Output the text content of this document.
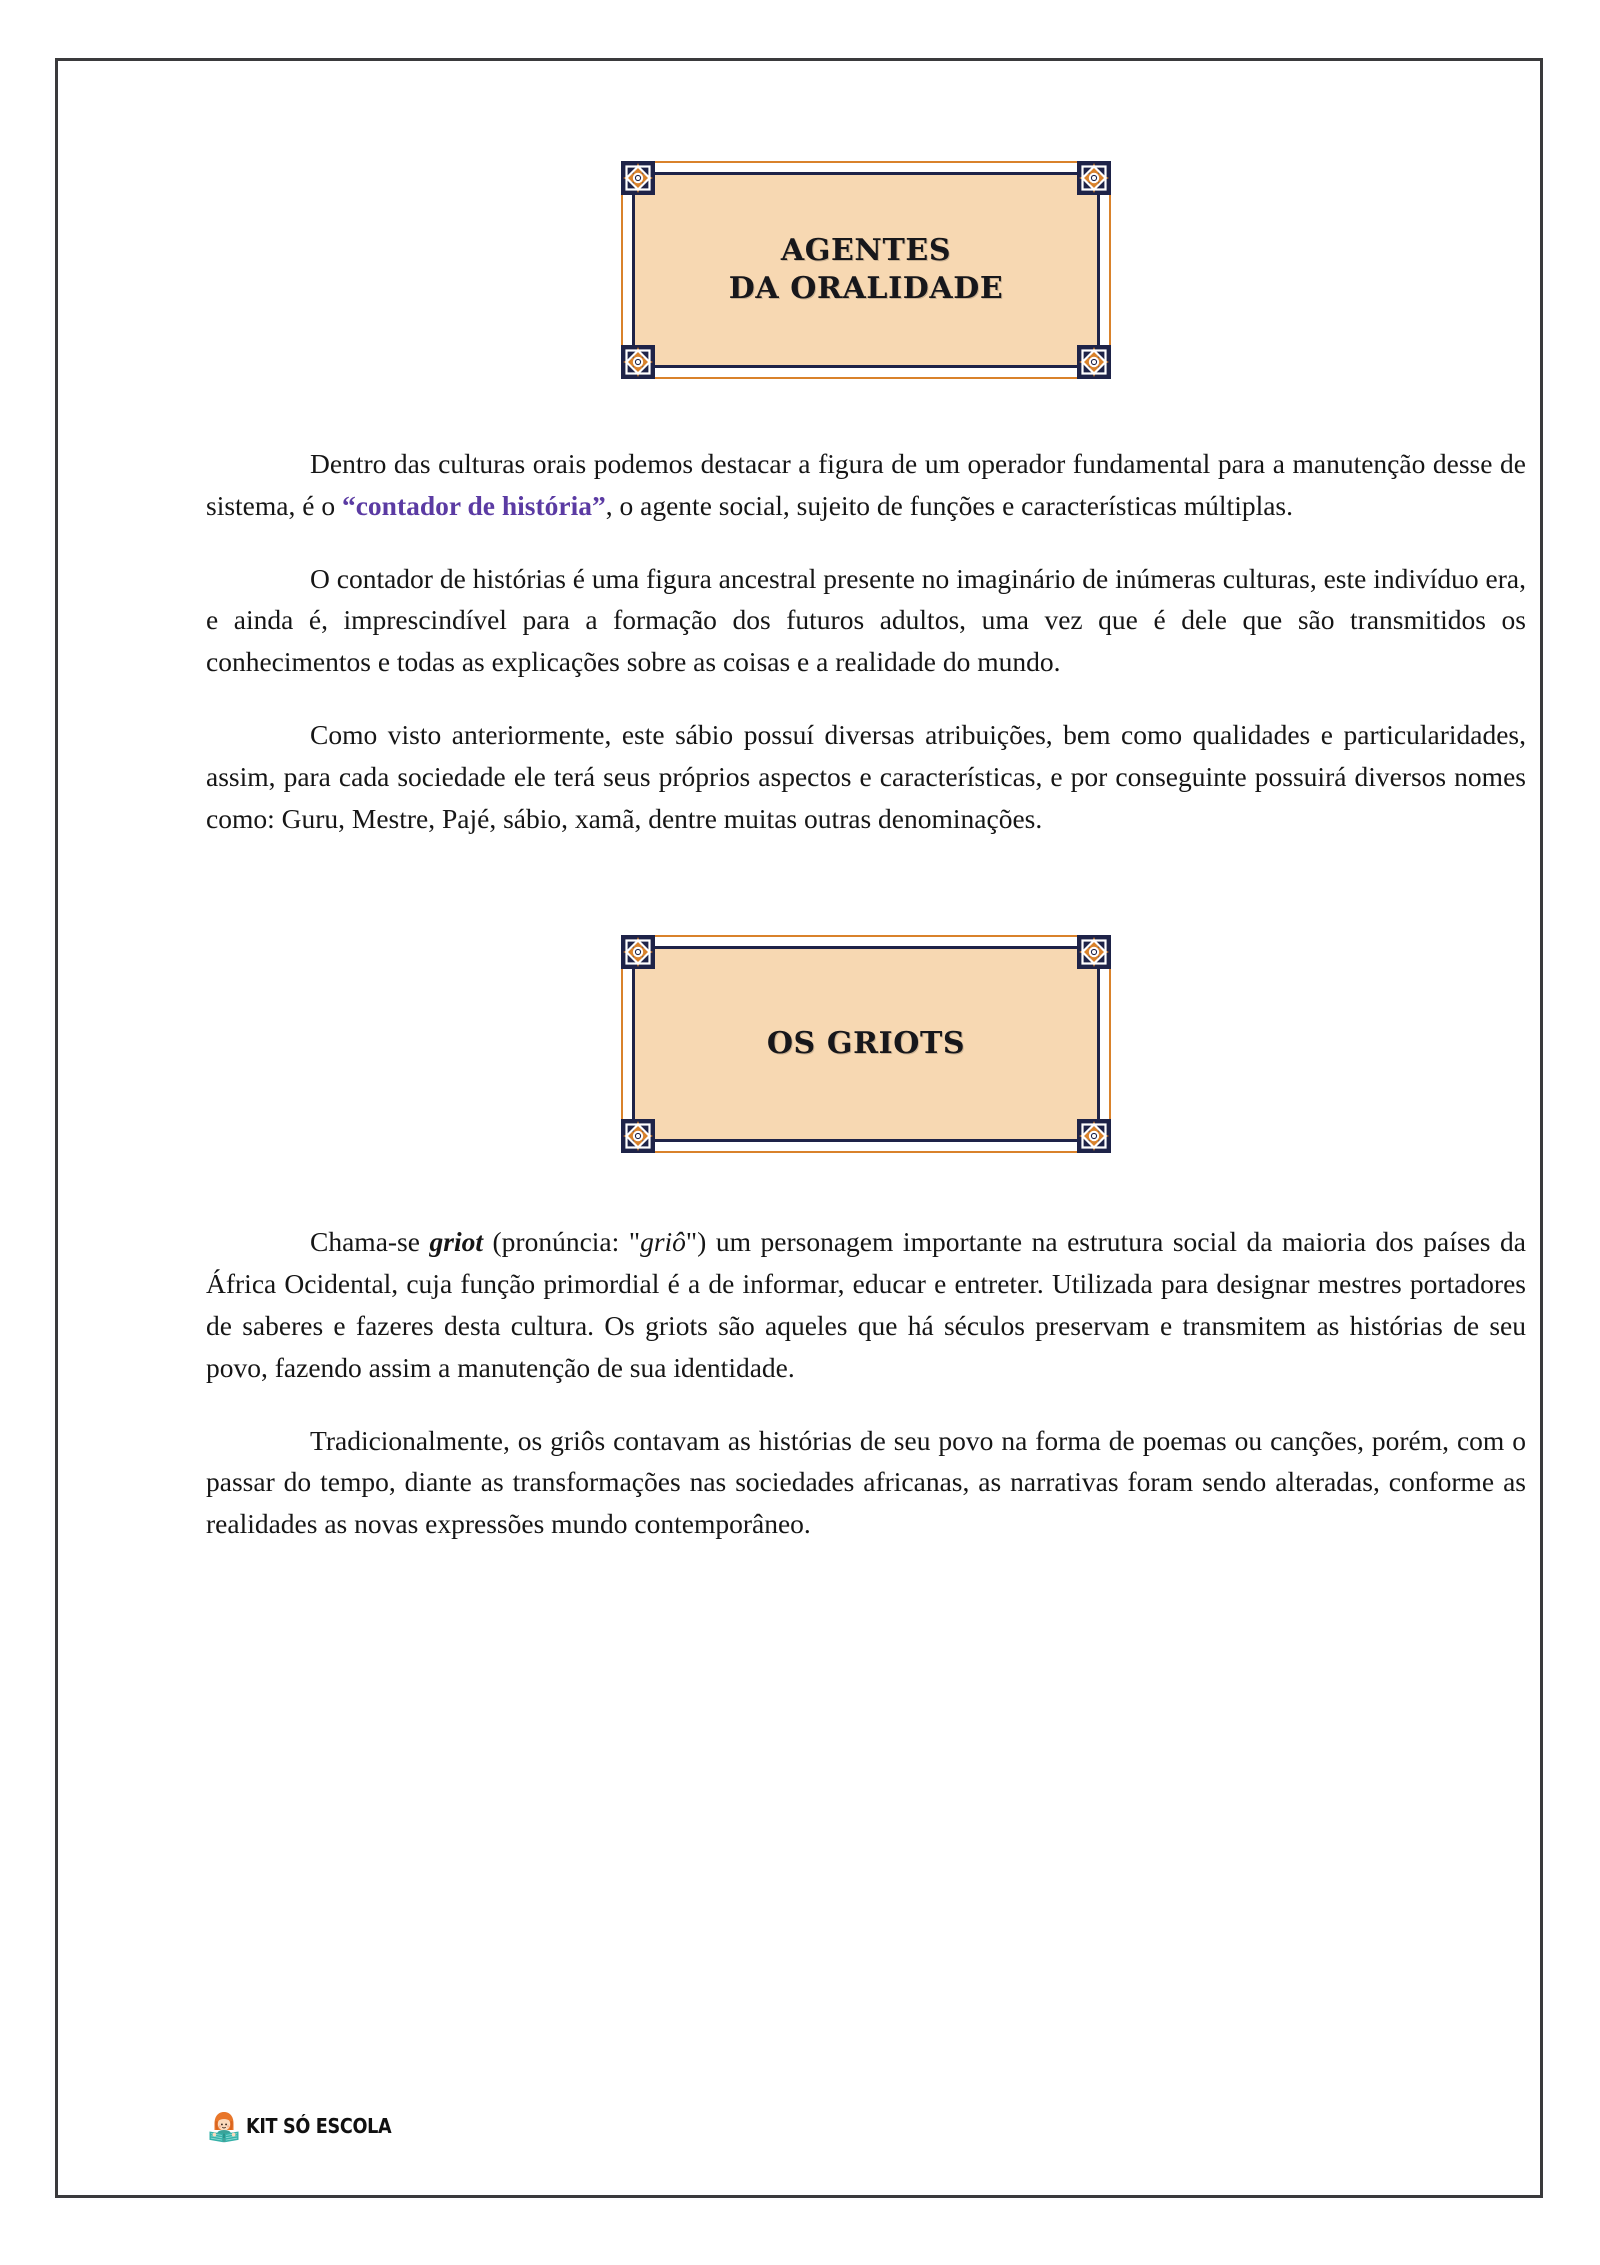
AGENTES
DA ORALIDADE

Dentro das culturas orais podemos destacar a figura de um operador fundamental para a manutenção desse de sistema, é o “contador de história”, o agente social, sujeito de funções e características múltiplas.

O contador de histórias é uma figura ancestral presente no imaginário de inúmeras culturas, este indivíduo era, e ainda é, imprescindível para a formação dos futuros adultos, uma vez que é dele que são transmitidos os conhecimentos e todas as explicações sobre as coisas e a realidade do mundo.

Como visto anteriormente, este sábio possuí diversas atribuições, bem como qualidades e particularidades, assim, para cada sociedade ele terá seus próprios aspectos e características, e por conseguinte possuirá diversos nomes como: Guru, Mestre, Pajé, sábio, xamã, dentre muitas outras denominações.

OS GRIOTS

Chama-se griot (pronúncia: "griô") um personagem importante na estrutura social da maioria dos países da África Ocidental, cuja função primordial é a de informar, educar e entreter. Utilizada para designar mestres portadores de saberes e fazeres desta cultura. Os griots são aqueles que há séculos preservam e transmitem as histórias de seu povo, fazendo assim a manutenção de sua identidade.

Tradicionalmente, os griôs contavam as histórias de seu povo na forma de poemas ou canções, porém, com o passar do tempo, diante as transformações nas sociedades africanas, as narrativas foram sendo alteradas, conforme as realidades as novas expressões mundo contemporâneo.

KIT SÓ ESCOLA
